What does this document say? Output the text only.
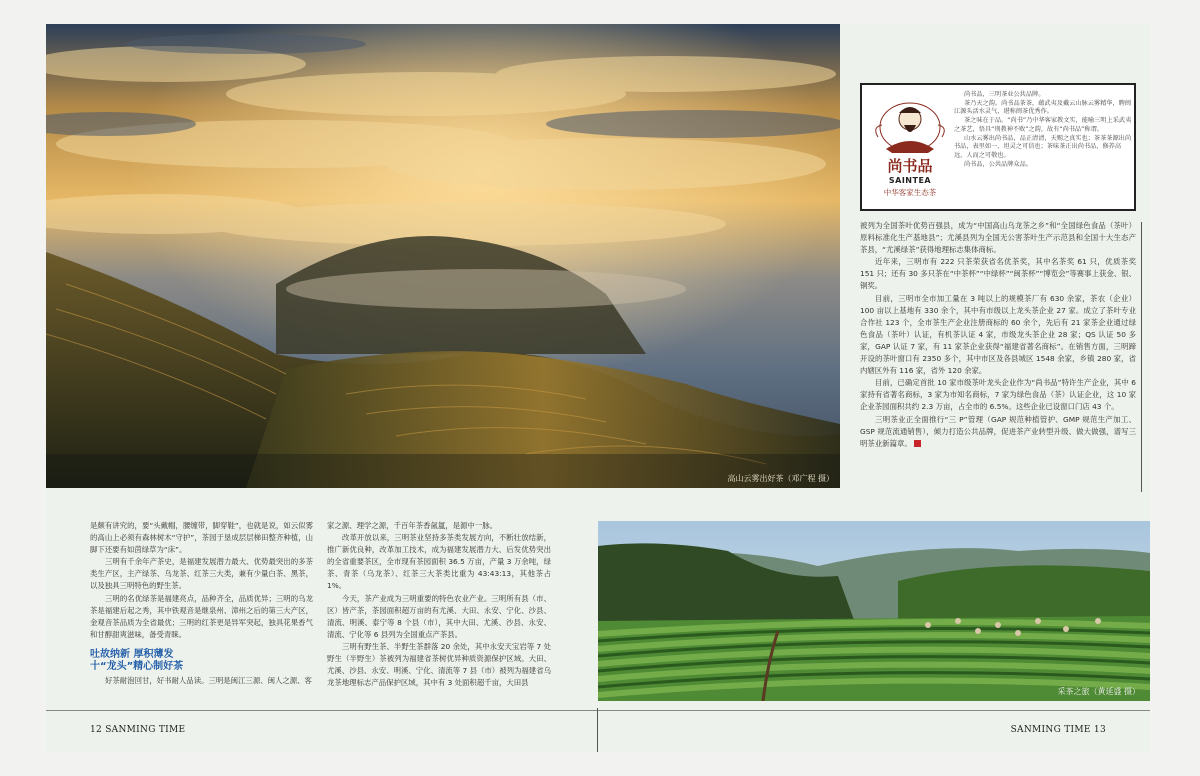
高山云雾出好茶（邓广程 摄）
尚书品
SAINTEA
中华客家生态茶

尚书品，三明茶业公共品牌。

茶乃天之韵。尚书品茶茶，蕴武夷及戴云山脉云雾精华，聘闽江源头活水灵气，堪称闽茶优秀作。

茶之味在于品。“尚书”乃中华客家教文实，能喻三明上采武夷之茶艺，悟具“刑教神不败”之韵，故有“尚书品”称谓。

山水云雾出尚书品，品正清清，天赐之真实也；茶茶茶源出尚书品，表里如一，坦灵之可信也；茶味茶正出尚书品，修养高远，人而之可敬也。

尚书品，公共品牌众品。

被列为全国茶叶优势百强县，成为“中国高山乌龙茶之乡”和“全国绿色食品（茶叶）原料标准化生产基地县”；尤溪县列为全国无公害茶叶生产示范县和全国十大生态产茶县，“尤溪绿茶”获得地理标志集体商标。

近年来，三明市有 222 只茶荣获省名优茶奖，其中名茶奖 61 只，优质茶奖 151 只；还有 30 多只茶在“中茶杯”“中绿杯”“闽茶杯”“博览会”等赛事上获金、银、铜奖。

目前，三明市全市加工量在 3 吨以上的规模茶厂有 630 余家，茶农（企业）100 亩以上基地有 330 余个，其中有市级以上龙头茶企业 27 家。成立了茶叶专业合作社 123 个，全市茶生产企业注册商标的 60 余个，先后有 21 家茶企业通过绿色食品（茶叶）认证，有机茶认证 4 家，市级龙头茶企业 28 家；QS 认证 50 多家，GAP 认证 7 家，有 11 家茶企业获得“福建省著名商标”。在销售方面，三明蹄开设的茶叶窗口有 2350 多个，其中市区及各县城区 1548 余家，乡镇 280 家，省内辖区外有 116 家，省外 120 余家。

目前，已确定首批 10 家市级茶叶龙头企业作为“尚书品”特许生产企业，其中 6 家持有省著名商标，3 家为市知名商标，7 家为绿色食品（茶）认证企业，这 10 家企业茶园面积共约 2.3 万亩，占全市的 6.5%。这些企业已设窗口门店 43 个。

三明茶业正全面推行“三 P”管理（GAP 规范种植管护、GMP 规范生产加工、GSP 规范流通销售），倾力打造公共品牌，促进茶产业转型升级、做大做强，谱写三明茶业新篇章。

是颇有讲究的，要“头戴帽，腰缠带，脚穿鞋”，也就是说，如云似雾的高山上必须有森林树木“守护”，茶园于垦成层层梯田整齐种植，山脚下还要有如茵绿草为“床”。

三明有千余年产茶史，是福建发展潜力最大、优势最突出的多茶类生产区，主产绿茶、乌龙茶、红茶三大类，兼有少量白茶、黑茶，以及独具三明特色的野生茶。

三明的名优绿茶是福建亮点，品种齐全，品质优异；三明的乌龙茶是福建后起之秀，其中铁观音是继泉州、漳州之后的第三大产区，金观音茶品质为全省最优；三明的红茶更是异军突起，独具花果香气和甘醇甜爽滋味，备受青睐。

吐故纳新 厚积薄发
十“龙头”精心制好茶

好茶耐泡回甘，好书耐人品读。三明是闽江三源、闽人之源、客

家之源、理学之源，千百年茶香氤氲，是源中一脉。

改革开放以来，三明茶业坚持多茶类发展方向，不断壮放结新，推广新优良种，改革加工技术，成为福建发展潜力大、后发优势突出的全省重要茶区，全市现有茶园面积 36.5 万亩，产量 3 万余吨，绿茶、青茶（乌龙茶）、红茶三大茶类比重为 43:43:13，其他茶占 1%。

今天，茶产业成为三明重要的特色农业产业。三明所有县（市、区）皆产茶，茶园面积超万亩的有尤溪、大田、永安、宁化、沙县、清流、明溪、泰宁等 8 个县（市），其中大田、尤溪、沙县、永安、清流、宁化等 6 县列为全国重点产茶县。

三明有野生茶、半野生茶群落 20 余处，其中永安天宝岩等 7 处野生（半野生）茶被列为福建省茶树优异种质资源保护区域。大田、尤溪、沙县、永安、明溪、宁化、清流等 7 县（市）被列为福建省乌龙茶地理标志产品保护区域，其中有 3 处面积超千亩，大田县

采茶之旅（黄延盛 摄）
12 SANMING TIME	SANMING TIME 13
